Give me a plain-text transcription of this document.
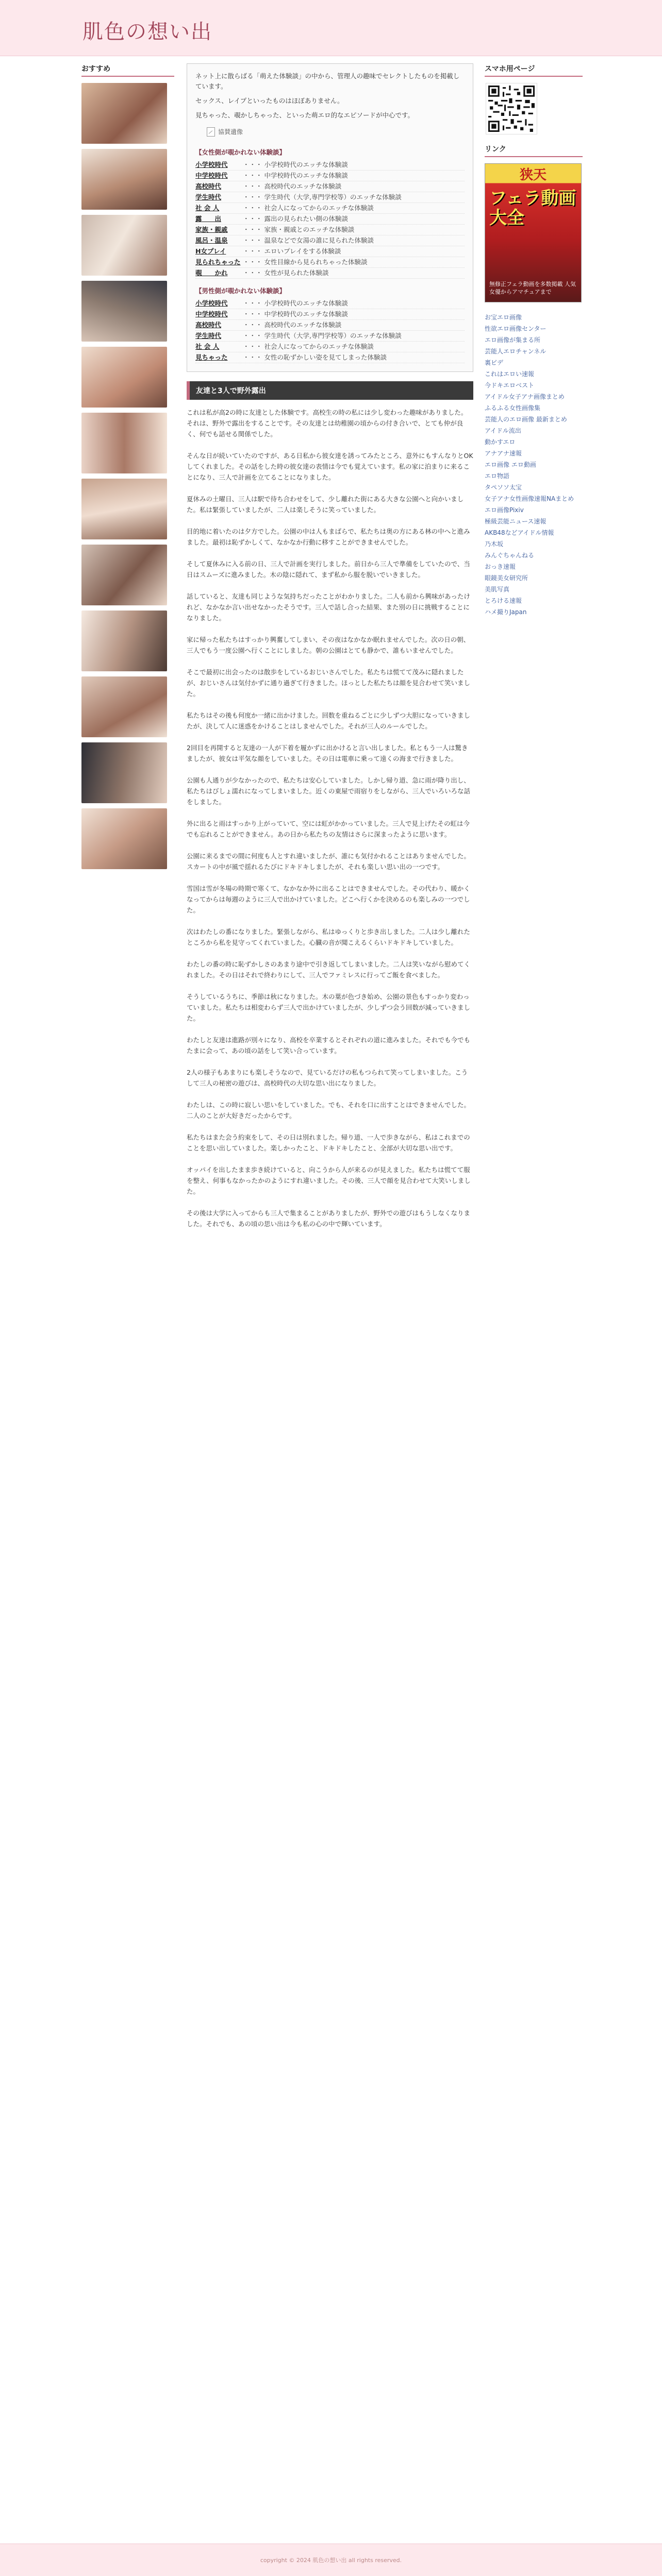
肌色の想い出
おすすめ

ネット上に散らばる「萌えた体験談」の中から、管理人の趣味でセレクトしたものを掲載しています。

セックス、レイプといったものはほぼありません。

見ちゃった、覗かしちゃった、といった萌エロ的なエピソードが中心です。

協賛遺像
【女性側が覗かれない体験談】
小学校時代	・・・ 小学校時代のエッチな体験談
中学校時代	・・・ 中学校時代のエッチな体験談
高校時代	・・・ 高校時代のエッチな体験談
学生時代	・・・ 学生時代（大学,専門学校等）のエッチな体験談
社 会 人	・・・ 社会人になってからのエッチな体験談
露　　出	・・・ 露出の見られたい側の体験談
家族・親戚	・・・ 家族・親戚とのエッチな体験談
風呂・温泉	・・・ 温泉などで女湯の誰に見られた体験談
H女プレイ	・・・ エロいプレイをする体験談
見られちゃった ・・・ 女性目線から見られちゃった体験談
覗　　かれ	・・・ 女性が見られた体験談
【男性側が覗かれない体験談】
小学校時代	・・・ 小学校時代のエッチな体験談
中学校時代	・・・ 中学校時代のエッチな体験談
高校時代	・・・ 高校時代のエッチな体験談
学生時代	・・・ 学生時代（大学,専門学校等）のエッチな体験談
社 会 人	・・・ 社会人になってからのエッチな体験談
見ちゃった	・・・ 女性の恥ずかしい姿を見てしまった体験談
友達と3人で野外露出

これは私が高2の時に友達とした体験です。高校生の時の私には少し変わった趣味がありました。それは、野外で露出をすることです。その友達とは幼稚園の頃からの付き合いで、とても仲が良く、何でも話せる関係でした。

そんな日が続いていたのですが、ある日私から彼女達を誘ってみたところ、意外にもすんなりとOKしてくれました。その話をした時の彼女達の表情は今でも覚えています。私の家に泊まりに来ることになり、三人で計画を立てることになりました。

夏休みの土曜日、三人は駅で待ち合わせをして、少し離れた街にある大きな公園へと向かいました。私は緊張していましたが、二人は楽しそうに笑っていました。

目的地に着いたのは夕方でした。公園の中は人もまばらで、私たちは奥の方にある林の中へと進みました。最初は恥ずかしくて、なかなか行動に移すことができませんでした。

そして夏休みに入る前の日、三人で計画を実行しました。前日から三人で準備をしていたので、当日はスムーズに進みました。木の陰に隠れて、まず私から服を脱いでいきました。

話していると、友達も同じような気持ちだったことがわかりました。二人も前から興味があったけれど、なかなか言い出せなかったそうです。三人で話し合った結果、また別の日に挑戦することになりました。

家に帰った私たちはすっかり興奮してしまい、その夜はなかなか眠れませんでした。次の日の朝、三人でもう一度公園へ行くことにしました。朝の公園はとても静かで、誰もいませんでした。

そこで最初に出会ったのは散歩をしているおじいさんでした。私たちは慌てて茂みに隠れましたが、おじいさんは気付かずに通り過ぎて行きました。ほっとした私たちは顔を見合わせて笑いました。

私たちはその後も何度か一緒に出かけました。回数を重ねるごとに少しずつ大胆になっていきましたが、決して人に迷惑をかけることはしませんでした。それが三人のルールでした。

2回目を再開すると友達の一人が下着を履かずに出かけると言い出しました。私ともう一人は驚きましたが、彼女は平気な顔をしていました。その日は電車に乗って遠くの海まで行きました。

公園も人通りが少なかったので、私たちは安心していました。しかし帰り道、急に雨が降り出し、私たちはびしょ濡れになってしまいました。近くの東屋で雨宿りをしながら、三人でいろいろな話をしました。

外に出ると雨はすっかり上がっていて、空には虹がかかっていました。三人で見上げたその虹は今でも忘れることができません。あの日から私たちの友情はさらに深まったように思います。

公園に来るまでの間に何度も人とすれ違いましたが、誰にも気付かれることはありませんでした。スカートの中が風で揺れるたびにドキドキしましたが、それも楽しい思い出の一つです。

雪国は雪が冬場の時期で寒くて、なかなか外に出ることはできませんでした。その代わり、暖かくなってからは毎週のように三人で出かけていました。どこへ行くかを決めるのも楽しみの一つでした。

次はわたしの番になりました。緊張しながら、私はゆっくりと歩き出しました。二人は少し離れたところから私を見守ってくれていました。心臓の音が聞こえるくらいドキドキしていました。

わたしの番の時に恥ずかしさのあまり途中で引き返してしまいました。二人は笑いながら慰めてくれました。その日はそれで終わりにして、三人でファミレスに行ってご飯を食べました。

そうしているうちに、季節は秋になりました。木の葉が色づき始め、公園の景色もすっかり変わっていました。私たちは相変わらず三人で出かけていましたが、少しずつ会う回数が減っていきました。

わたしと友達は進路が別々になり、高校を卒業するとそれぞれの道に進みました。それでも今でもたまに会って、あの頃の話をして笑い合っています。

2人の様子もあまりにも楽しそうなので、見ているだけの私もつられて笑ってしまいました。こうして三人の秘密の遊びは、高校時代の大切な思い出になりました。

わたしは、この時に寂しい思いをしていました。でも、それを口に出すことはできませんでした。二人のことが大好きだったからです。

私たちはまた会う約束をして、その日は別れました。帰り道、一人で歩きながら、私はこれまでのことを思い出していました。楽しかったこと、ドキドキしたこと、全部が大切な思い出です。

オッパイを出したまま歩き続けていると、向こうから人が来るのが見えました。私たちは慌てて服を整え、何事もなかったかのようにすれ違いました。その後、三人で顔を見合わせて大笑いしました。

その後は大学に入ってからも三人で集まることがありましたが、野外での遊びはもうしなくなりました。それでも、あの頃の思い出は今も私の心の中で輝いています。

スマホ用ページ
リンク
狭天
フェラ動画大全
無修正フェラ動画を多数掲載 人気女優からアマチュアまで
お宝エロ画像
性欲エロ画像センター
エロ画像が集まる所
芸能人エロチャンネル
裏ビデ
これはエロい速報
今ドキエロベスト
アイドル女子アナ画像まとめ
ふるふる女性画像集
芸能人のエロ画像 最新まとめ
アイドル流出
動かすエロ
アナアナ速報
エロ画像 エロ動画
エロ物語
タペソソ太宝
女子アナ女性画像速報NAまとめ
エロ画像Pixiv
極級芸能ニュース速報
AKB48などアイドル情報
乃木坂
みんぐちゃんねる
おっき速報
眼鏡美女研究所
美肌写真
とろける速報
ハメ撮りJapan
copyright © 2024 肌色の想い出 all rights reserved.
